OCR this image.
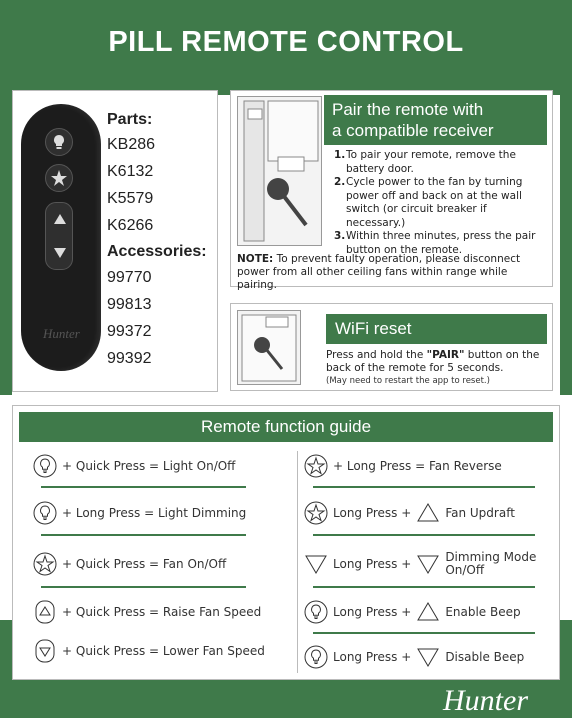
PILL REMOTE CONTROL
Hunter
Parts:
KB286
K6132
K5579
K6266
Accessories:
99770
99813
99372
99392
Pair the remote with
a compatible receiver
1. To pair your remote, remove the battery door.
2. Cycle power to the fan by turning power off and back on at the wall switch (or circuit breaker if necessary.)
3. Within three minutes, press the pair button on the remote.
NOTE: To prevent faulty operation, please disconnect power from all other ceiling fans within range while pairing.
WiFi reset
Press and hold the "PAIR" button on the back of the remote for 5 seconds.
(May need to restart the app to reset.)
Remote function guide
+ Quick Press = Light On/Off
+ Long Press = Light Dimming
+ Quick Press = Fan On/Off
+ Quick Press = Raise Fan Speed
+ Quick Press = Lower Fan Speed
+ Long Press = Fan Reverse
Long Press +	Fan Updraft
Long Press +	Dimming Mode
On/Off
Long Press +	Enable Beep
Long Press +	Disable Beep
Hunter
